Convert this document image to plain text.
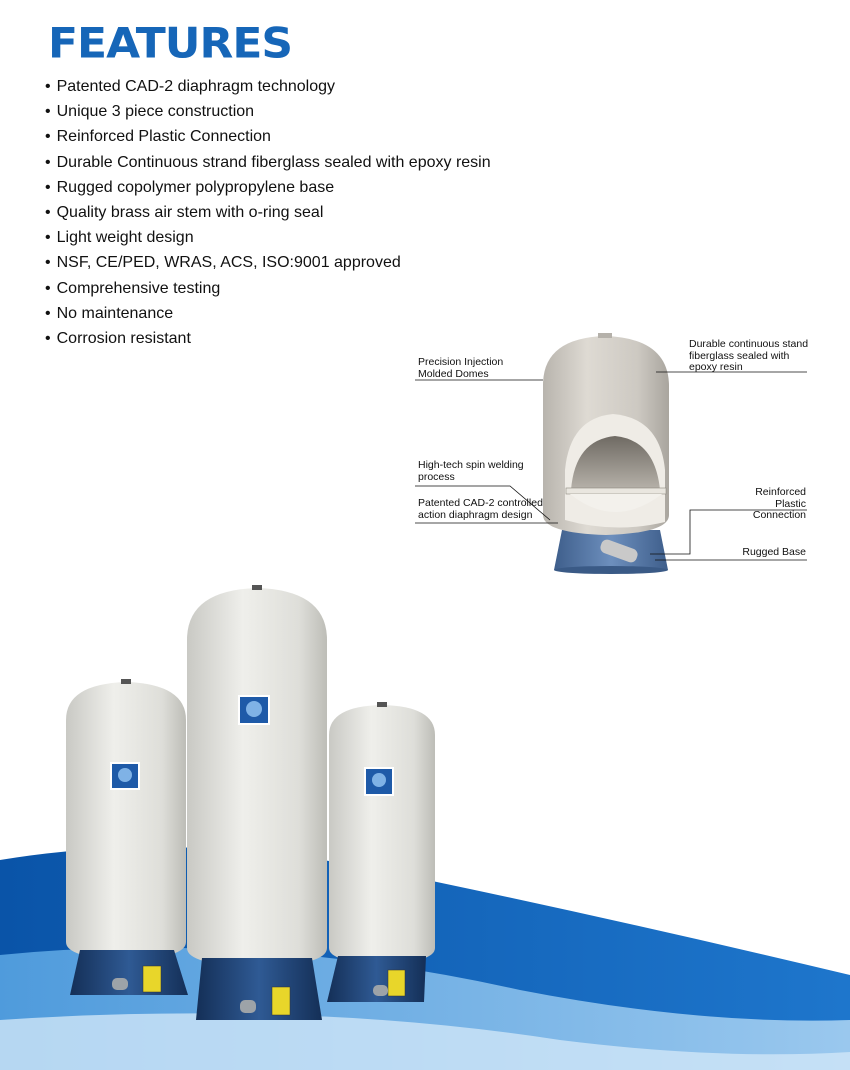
FEATURES
• Patented CAD-2 diaphragm technology
• Unique 3 piece construction
• Reinforced Plastic Connection
• Durable Continuous strand fiberglass sealed with epoxy resin
• Rugged copolymer polypropylene base
• Quality brass air stem with o-ring seal
• Light weight design
• NSF, CE/PED, WRAS, ACS, ISO:9001 approved
• Comprehensive testing
• No maintenance
• Corrosion resistant
Precision Injection
Molded Domes
Durable continuous stand
fiberglass sealed with
epoxy resin
High-tech spin welding
process
Patented CAD-2 controlled
action diaphragm design
Reinforced Plastic
Connection
Rugged Base
